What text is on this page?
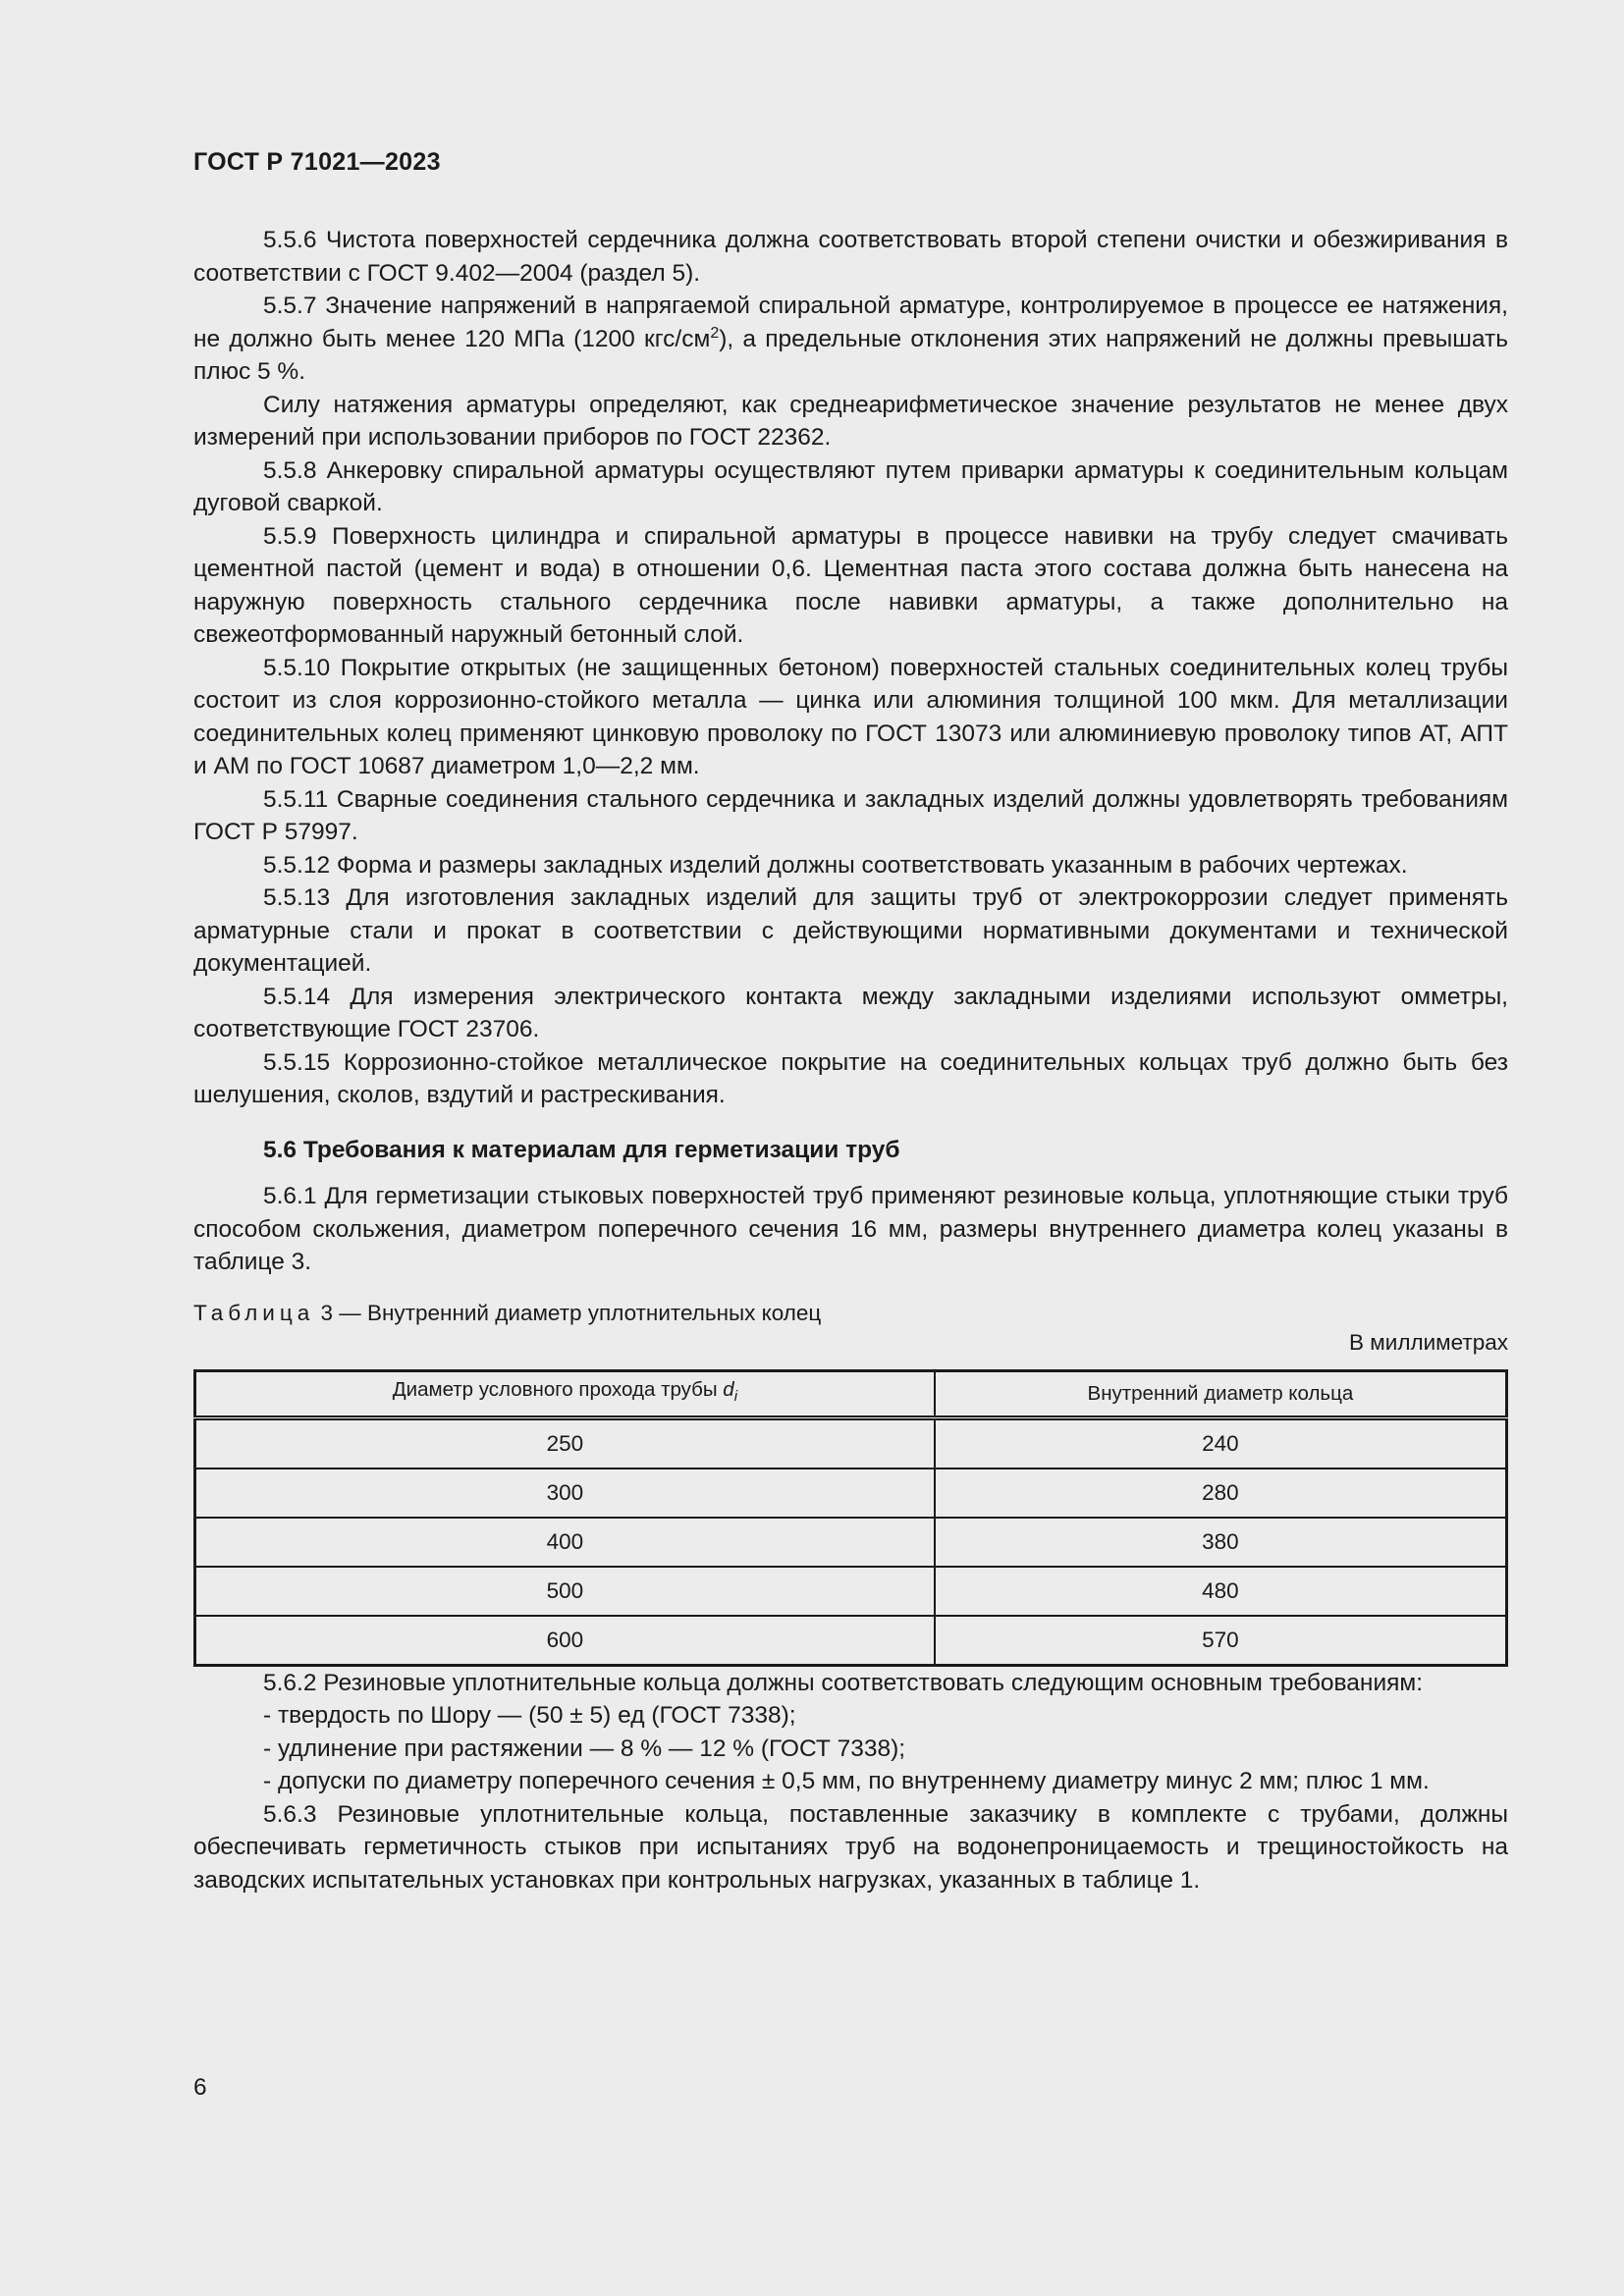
ГОСТ Р 71021—2023

5.5.6 Чистота поверхностей сердечника должна соответствовать второй степени очистки и обезжиривания в соответствии с ГОСТ 9.402—2004 (раздел 5).

5.5.7 Значение напряжений в напрягаемой спиральной арматуре, контролируемое в процессе ее натяжения, не должно быть менее 120 МПа (1200 кгс/$см^2$), а предельные отклонения этих напряжений не должны превышать плюс 5 %.

Силу натяжения арматуры определяют, как среднеарифметическое значение результатов не менее двух измерений при использовании приборов по ГОСТ 22362.

5.5.8 Анкеровку спиральной арматуры осуществляют путем приварки арматуры к соединительным кольцам дуговой сваркой.

5.5.9 Поверхность цилиндра и спиральной арматуры в процессе навивки на трубу следует смачивать цементной пастой (цемент и вода) в отношении 0,6. Цементная паста этого состава должна быть нанесена на наружную поверхность стального сердечника после навивки арматуры, а также дополнительно на свежеотформованный наружный бетонный слой.

5.5.10 Покрытие открытых (не защищенных бетоном) поверхностей стальных соединительных колец трубы состоит из слоя коррозионно-стойкого металла — цинка или алюминия толщиной 100 мкм. Для металлизации соединительных колец применяют цинковую проволоку по ГОСТ 13073 или алюминиевую проволоку типов АТ, АПТ и АМ по ГОСТ 10687 диаметром 1,0—2,2 мм.

5.5.11 Сварные соединения стального сердечника и закладных изделий должны удовлетворять требованиям ГОСТ Р 57997.

5.5.12 Форма и размеры закладных изделий должны соответствовать указанным в рабочих чертежах.

5.5.13 Для изготовления закладных изделий для защиты труб от электрокоррозии следует применять арматурные стали и прокат в соответствии с действующими нормативными документами и технической документацией.

5.5.14 Для измерения электрического контакта между закладными изделиями используют омметры, соответствующие ГОСТ 23706.

5.5.15 Коррозионно-стойкое металлическое покрытие на соединительных кольцах труб должно быть без шелушения, сколов, вздутий и растрескивания.

5.6 Требования к материалам для герметизации труб

5.6.1 Для герметизации стыковых поверхностей труб применяют резиновые кольца, уплотняющие стыки труб способом скольжения, диаметром поперечного сечения 16 мм, размеры внутреннего диаметра колец указаны в таблице 3.

Таблица 3 — Внутренний диаметр уплотнительных колец
В миллиметрах
Диаметр условного прохода трубы $d_i$	Внутренний диаметр кольца
250	240
300	280
400	380
500	480
600	570

5.6.2 Резиновые уплотнительные кольца должны соответствовать следующим основным требованиям:

- твердость по Шору — (50 ± 5) ед (ГОСТ 7338);

- удлинение при растяжении — 8 % — 12 % (ГОСТ 7338);

- допуски по диаметру поперечного сечения ± 0,5 мм, по внутреннему диаметру минус 2 мм; плюс 1 мм.

5.6.3 Резиновые уплотнительные кольца, поставленные заказчику в комплекте с трубами, должны обеспечивать герметичность стыков при испытаниях труб на водонепроницаемость и трещиностойкость на заводских испытательных установках при контрольных нагрузках, указанных в таблице 1.

6
